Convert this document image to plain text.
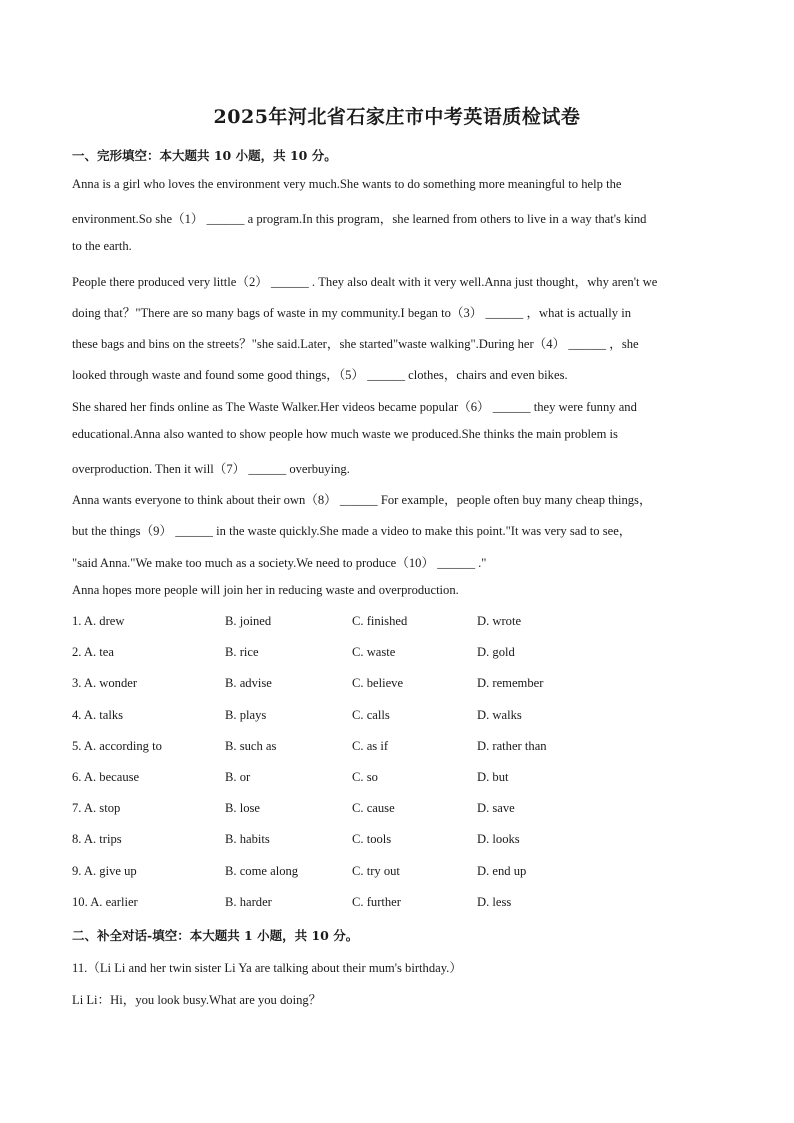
2025年河北省石家庄市中考英语质检试卷
一、完形填空：本大题共 10 小题，共 10 分。
Anna is a girl who loves the environment very much.She wants to do something more meaningful to help the
environment.So she（1） ______ a program.In this program，she learned from others to live in a way that's kind
to the earth.
People there produced very little（2） ______ . They also dealt with it very well.Anna just thought，why aren't we
doing that？"There are so many bags of waste in my community.I began to（3） ______ ，what is actually in
these bags and bins on the streets？"she said.Later，she started"waste walking".During her（4） ______ ，she
looked through waste and found some good things，（5） ______ clothes，chairs and even bikes.
She shared her finds online as The Waste Walker.Her videos became popular（6） ______ they were funny and
educational.Anna also wanted to show people how much waste we produced.She thinks the main problem is
overproduction. Then it will（7） ______ overbuying.
Anna wants everyone to think about their own（8） ______ For example，people often buy many cheap things，
but the things（9） ______ in the waste quickly.She made a video to make this point."It was very sad to see，
"said Anna."We make too much as a society.We need to produce（10） ______ ."
Anna hopes more people will join her in reducing waste and overproduction.
1. A. drew	B. joined	C. finished	D. wrote
2. A. tea	B. rice	C. waste	D. gold
3. A. wonder	B. advise	C. believe	D. remember
4. A. talks	B. plays	C. calls	D. walks
5. A. according to	B. such as	C. as if	D. rather than
6. A. because	B. or	C. so	D. but
7. A. stop	B. lose	C. cause	D. save
8. A. trips	B. habits	C. tools	D. looks
9. A. give up	B. come along	C. try out	D. end up
10. A. earlier	B. harder	C. further	D. less
二、补全对话-填空：本大题共 1 小题，共 10 分。
11.（Li Li and her twin sister Li Ya are talking about their mum's birthday.）
Li Li：Hi，you look busy.What are you doing？
